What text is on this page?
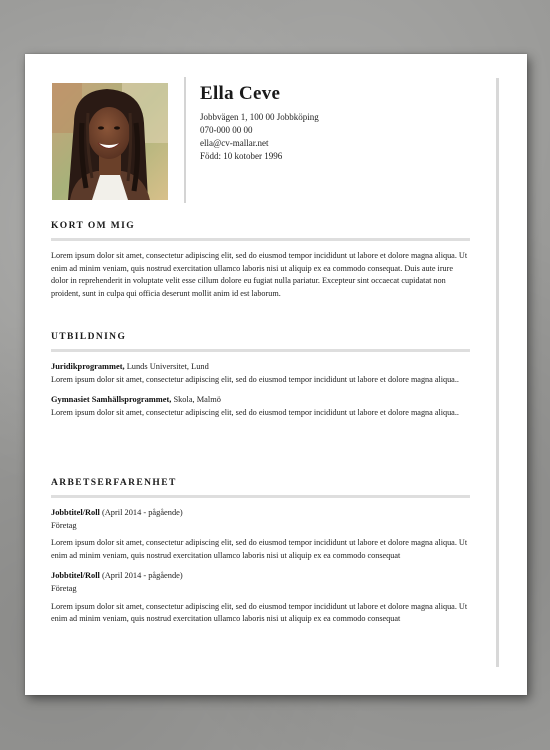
Ella Ceve
Jobbvägen 1, 100 00 Jobbköping
070-000 00 00
ella@cv-mallar.net
Född: 10 kotober 1996
KORT OM MIG

Lorem ipsum dolor sit amet, consectetur adipiscing elit, sed do eiusmod tempor incididunt ut labore et dolore magna aliqua. Ut enim ad minim veniam, quis nostrud exercitation ullamco laboris nisi ut aliquip ex ea commodo consequat. Duis aute irure dolor in reprehenderit in voluptate velit esse cillum dolore eu fugiat nulla pariatur. Excepteur sint occaecat cupidatat non proident, sunt in culpa qui officia deserunt mollit anim id est laborum.

UTBILDNING
Juridikprogrammet, Lunds Universitet, Lund

Lorem ipsum dolor sit amet, consectetur adipiscing elit, sed do eiusmod tempor incididunt ut labore et dolore magna aliqua..

Gymnasiet Samhällsprogrammet, Skola, Malmö

Lorem ipsum dolor sit amet, consectetur adipiscing elit, sed do eiusmod tempor incididunt ut labore et dolore magna aliqua..

ARBETSERFARENHET
Jobbtitel/Roll (April 2014 - pågående)
Företag

Lorem ipsum dolor sit amet, consectetur adipiscing elit, sed do eiusmod tempor incididunt ut labore et dolore magna aliqua. Ut enim ad minim veniam, quis nostrud exercitation ullamco laboris nisi ut aliquip ex ea commodo consequat

Jobbtitel/Roll (April 2014 - pågående)
Företag

Lorem ipsum dolor sit amet, consectetur adipiscing elit, sed do eiusmod tempor incididunt ut labore et dolore magna aliqua. Ut enim ad minim veniam, quis nostrud exercitation ullamco laboris nisi ut aliquip ex ea commodo consequat
